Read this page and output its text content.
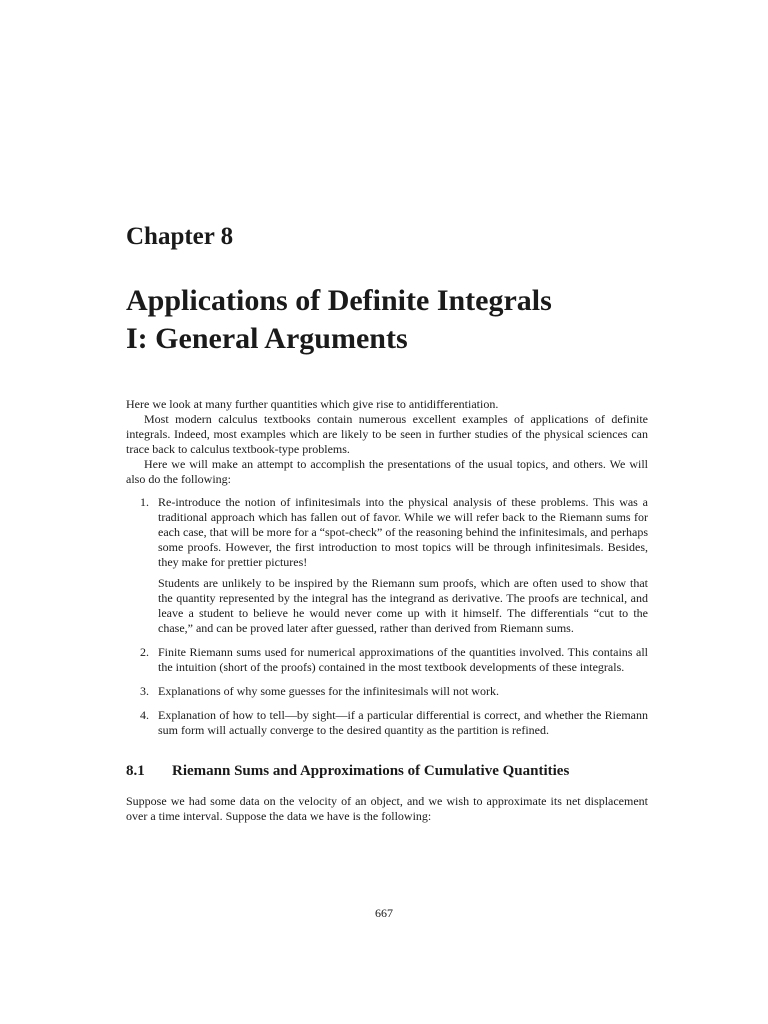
Chapter 8
Applications of Definite Integrals
I: General Arguments

Here we look at many further quantities which give rise to antidifferentiation.

Most modern calculus textbooks contain numerous excellent examples of applications of definite integrals. Indeed, most examples which are likely to be seen in further studies of the physical sciences can trace back to calculus textbook-type problems.

Here we will make an attempt to accomplish the presentations of the usual topics, and others. We will also do the following:

1. Re-introduce the notion of infinitesimals into the physical analysis of these problems. This was a traditional approach which has fallen out of favor. While we will refer back to the Riemann sums for each case, that will be more for a “spot-check” of the reasoning behind the infinitesimals, and perhaps some proofs. However, the first introduction to most topics will be through infinitesimals. Besides, they make for prettier pictures!

Students are unlikely to be inspired by the Riemann sum proofs, which are often used to show that the quantity represented by the integral has the integrand as derivative. The proofs are technical, and leave a student to believe he would never come up with it himself. The differentials “cut to the chase,” and can be proved later after guessed, rather than derived from Riemann sums.

2. Finite Riemann sums used for numerical approximations of the quantities involved. This contains all the intuition (short of the proofs) contained in the most textbook developments of these integrals.

3. Explanations of why some guesses for the infinitesimals will not work.

4. Explanation of how to tell—by sight—if a particular differential is correct, and whether the Riemann sum form will actually converge to the desired quantity as the partition is refined.

8.1	Riemann Sums and Approximations of Cumulative Quantities

Suppose we had some data on the velocity of an object, and we wish to approximate its net displacement over a time interval. Suppose the data we have is the following:

667
